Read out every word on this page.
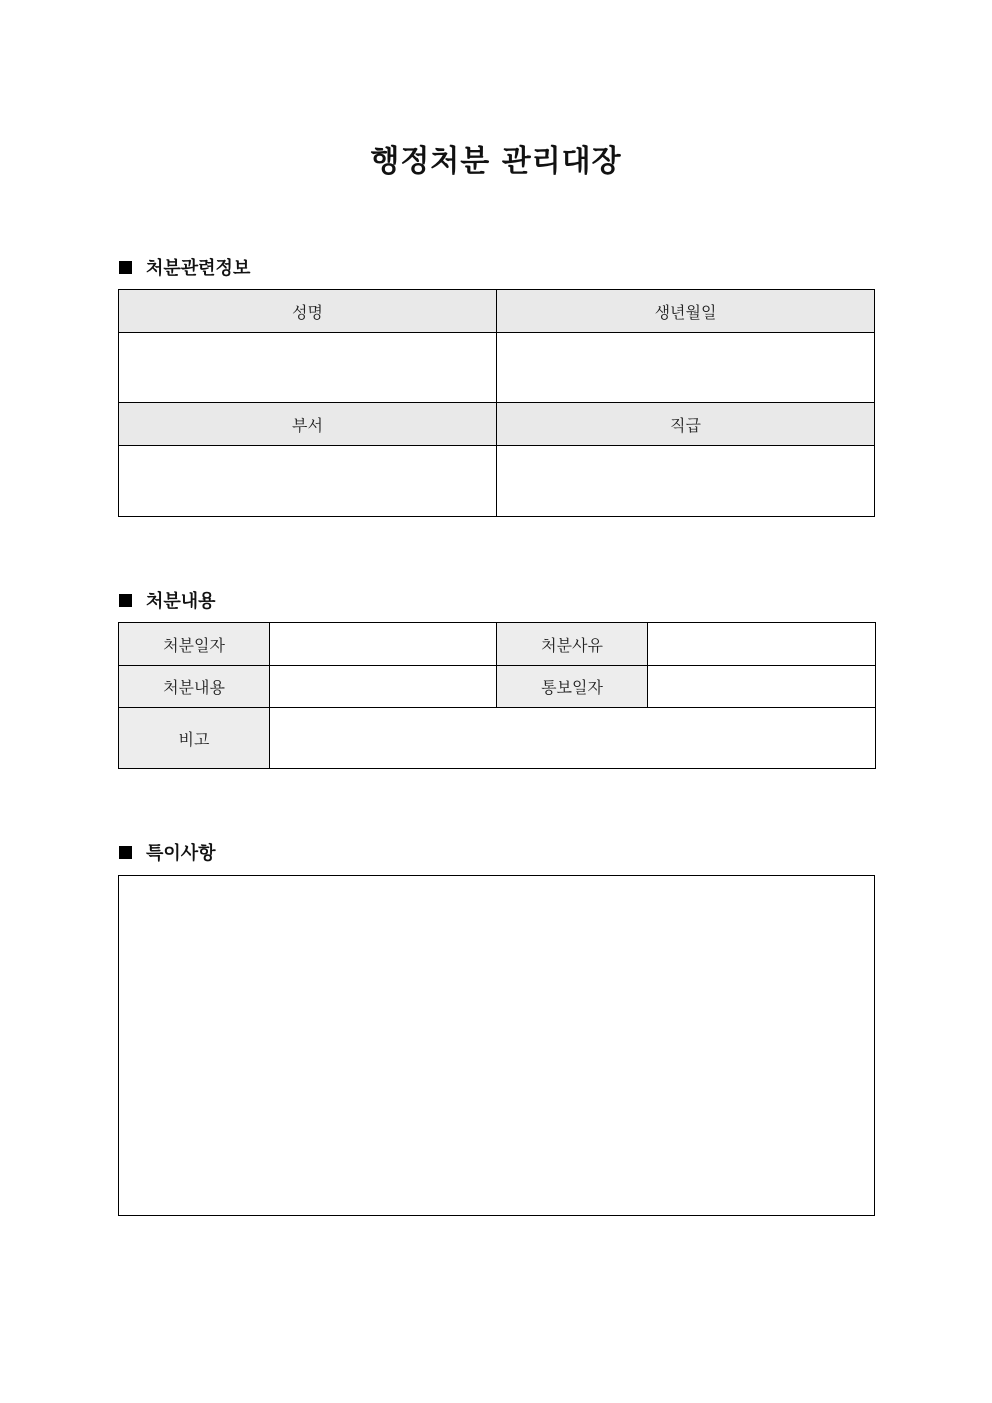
행정처분 관리대장
처분관련정보
성명	생년월일

부서	직급

처분내용
처분일자		처분사유	
처분내용		통보일자	
비고			
특이사항
